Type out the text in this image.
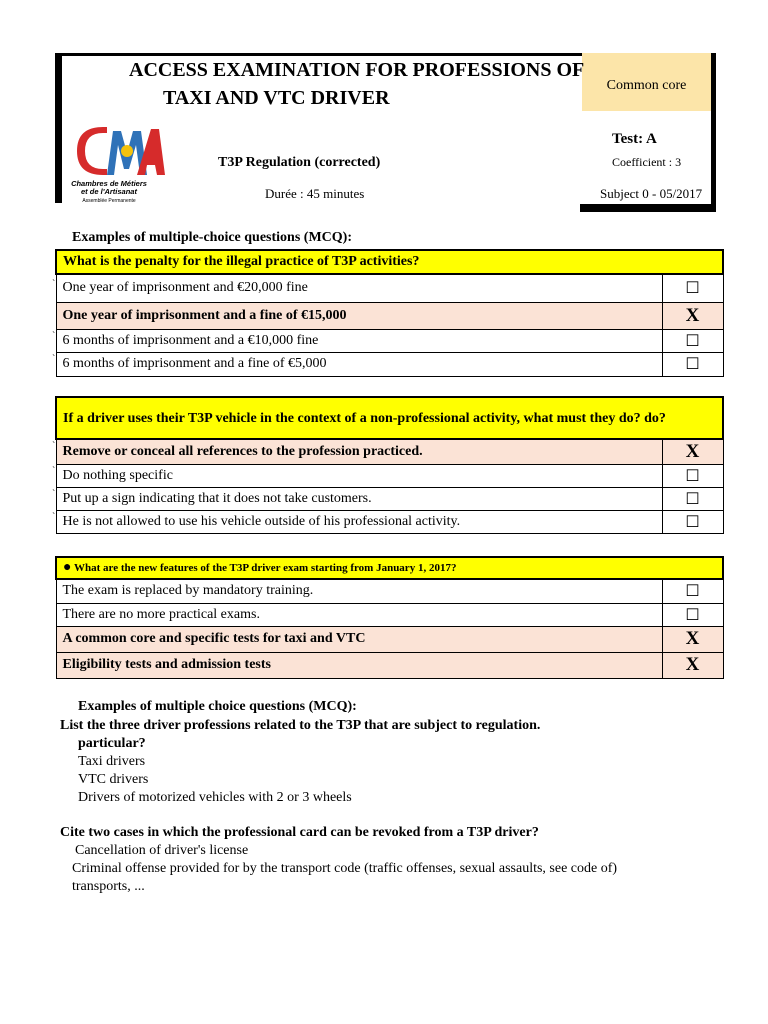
Common core
ACCESS EXAMINATION FOR PROFESSIONS OF
TAXI AND VTC DRIVER
Chambres de Métiers
et de l'Artisanat
Assemblée Permanente
T3P Regulation (corrected)
Durée : 45 minutes
Test: A
Coefficient : 3
Subject 0 - 05/2017
Examples of multiple-choice questions (MCQ):
What is the penalty for the illegal practice of T3P activities?	
One year of imprisonment and €20,000 fine	☐
One year of imprisonment and a fine of €15,000	X
6 months of imprisonment and a €10,000 fine	☐
6 months of imprisonment and a fine of €5,000	☐
If a driver uses their T3P vehicle in the context of a non-professional activity, what must they do? do?	
Remove or conceal all references to the profession practiced.	X
Do nothing specific	☐
Put up a sign indicating that it does not take customers.	☐
He is not allowed to use his vehicle outside of his professional activity.	☐
● What are the new features of the T3P driver exam starting from January 1, 2017?	
The exam is replaced by mandatory training.	☐
There are no more practical exams.	☐
A common core and specific tests for taxi and VTC	X
Eligibility tests and admission tests	X
`
`
`
`
`
`
`
Examples of multiple choice questions (MCQ):
List the three driver professions related to the T3P that are subject to regulation.
particular?
Taxi drivers
VTC drivers
Drivers of motorized vehicles with 2 or 3 wheels
Cite two cases in which the professional card can be revoked from a T3P driver?
Cancellation of driver's license
Criminal offense provided for by the transport code (traffic offenses, sexual assaults, see code of)
transports, ...
